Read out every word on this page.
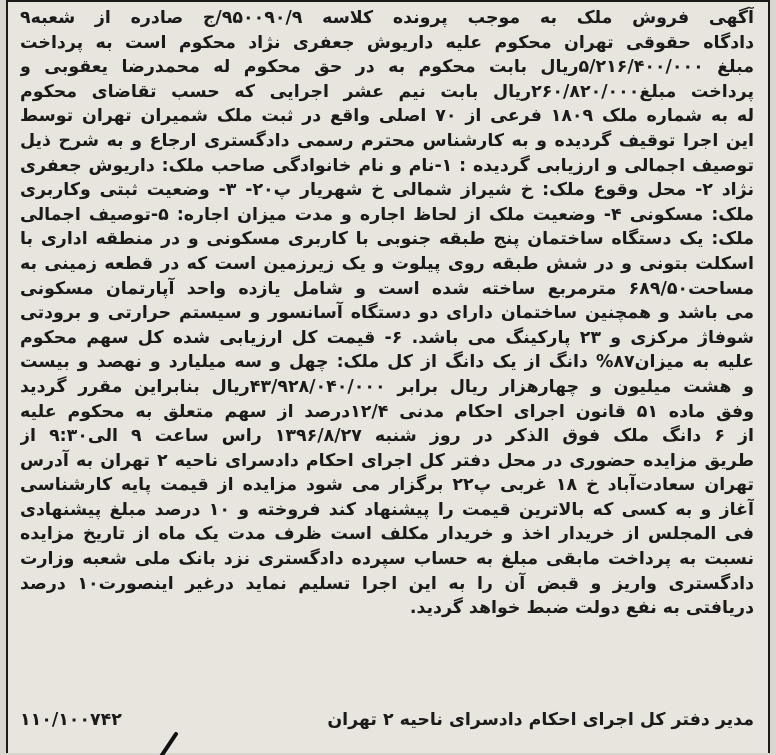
آگهی فروش ملک به موجب پرونده کلاسه ۹۵۰۰۹۰/۹/ج صادره از شعبه۹
دادگاه حقوقی تهران محکوم علیه داریوش جعفری نژاد محکوم است به پرداخت
مبلغ ۵/۲۱۶/۴۰۰/۰۰۰ریال بابت محکوم به در حق محکوم له محمدرضا یعقوبی و
پرداخت مبلغ۲۶۰/۸۲۰/۰۰۰ریال بابت نیم عشر اجرایی که حسب تقاضای محکوم
له به شماره ملک ۱۸۰۹ فرعی از ۷۰ اصلی واقع در ثبت ملک شمیران تهران توسط
این اجرا توقیف گردیده و به کارشناس محترم رسمی دادگستری ارجاع و به شرح ذیل
توصیف اجمالی و ارزیابی گردیده : ۱-نام و نام خانوادگی صاحب ملک: داریوش جعفری
نژاد ۲- محل وقوع ملک: خ شیراز شمالی خ شهریار پ۲۰- ۳- وضعیت ثبتی وکاربری
ملک: مسکونی ۴- وضعیت ملک از لحاظ اجاره و مدت میزان اجاره: ۵-توصیف اجمالی
ملک: یک دستگاه ساختمان پنج طبقه جنوبی با کاربری مسکونی و در منطقه اداری با
اسکلت بتونی و در شش طبقه روی پیلوت و یک زیرزمین است که در قطعه زمینی به
مساحت۶۸۹/۵۰ مترمربع ساخته شده است و شامل یازده واحد آپارتمان مسکونی
می باشد و همچنین ساختمان دارای دو دستگاه آسانسور و سیستم حرارتی و برودتی
شوفاژ مرکزی و ۲۳ پارکینگ می باشد. ۶- قیمت کل ارزیابی شده کل سهم محکوم
علیه به میزان۸۷% دانگ از یک دانگ از کل ملک: چهل و سه میلیارد و نهصد و بیست
و هشت میلیون و چهارهزار ریال برابر ۴۳/۹۲۸/۰۴۰/۰۰۰ریال بنابراین مقرر گردید
وفق ماده ۵۱ قانون اجرای احکام مدنی ۱۲/۴درصد از سهم متعلق به محکوم علیه
از ۶ دانگ ملک فوق الذکر در روز شنبه ۱۳۹۶/۸/۲۷ راس ساعت ۹ الی۹:۳۰ از
طریق مزایده حضوری در محل دفتر کل اجرای احکام دادسرای ناحیه ۲ تهران به آدرس
تهران سعادت‌آباد خ ۱۸ غربی پ۲۲ برگزار می شود مزایده از قیمت پایه کارشناسی
آغاز و به کسی که بالاترین قیمت را پیشنهاد کند فروخته و ۱۰ درصد مبلغ پیشنهادی
فی المجلس از خریدار اخذ و خریدار مکلف است ظرف مدت یک ماه از تاریخ مزایده
نسبت به پرداخت مابقی مبلغ به حساب سپرده دادگستری نزد بانک ملی شعبه وزارت
دادگستری واریز و قبض آن را به این اجرا تسلیم نماید درغیر اینصورت۱۰ درصد
دریافتی به نفع دولت ضبط خواهد گردید.
مدیر دفتر کل اجرای احکام دادسرای ناحیه ۲ تهران
۱۱۰/۱۰۰۷۴۲
